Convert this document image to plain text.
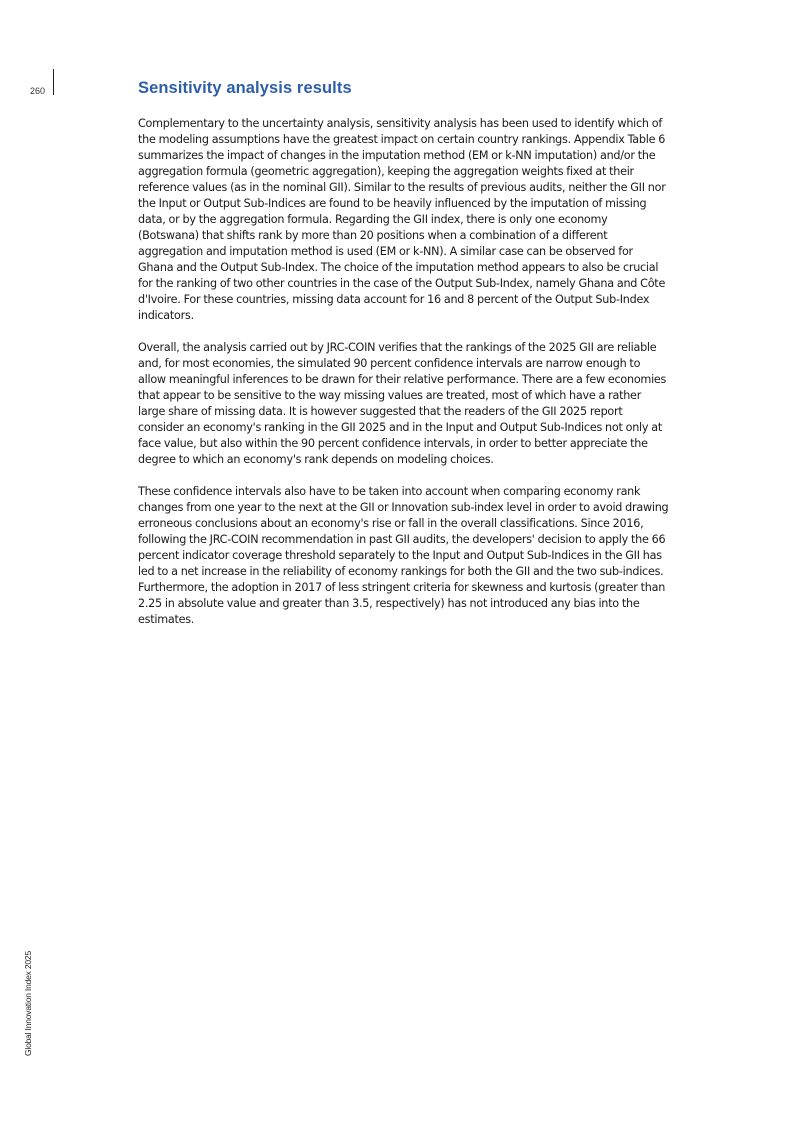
260	Sensitivity analysis results

Complementary to the uncertainty analysis, sensitivity analysis has been used to identify which of the modeling assumptions have the greatest impact on certain country rankings. Appendix Table 6 summarizes the impact of changes in the imputation method (EM or k-NN imputation) and/or the aggregation formula (geometric aggregation), keeping the aggregation weights fixed at their reference values (as in the nominal GII). Similar to the results of previous audits, neither the GII nor the Input or Output Sub-Indices are found to be heavily influenced by the imputation of missing data, or by the aggregation formula. Regarding the GII index, there is only one economy (Botswana) that shifts rank by more than 20 positions when a combination of a different aggregation and imputation method is used (EM or k-NN). A similar case can be observed for Ghana and the Output Sub-Index. The choice of the imputation method appears to also be crucial for the ranking of two other countries in the case of the Output Sub-Index, namely Ghana and Côte d'Ivoire. For these countries, missing data account for 16 and 8 percent of the Output Sub-Index indicators.

Overall, the analysis carried out by JRC-COIN verifies that the rankings of the 2025 GII are reliable and, for most economies, the simulated 90 percent confidence intervals are narrow enough to allow meaningful inferences to be drawn for their relative performance. There are a few economies that appear to be sensitive to the way missing values are treated, most of which have a rather large share of missing data. It is however suggested that the readers of the GII 2025 report consider an economy's ranking in the GII 2025 and in the Input and Output Sub-Indices not only at face value, but also within the 90 percent confidence intervals, in order to better appreciate the degree to which an economy's rank depends on modeling choices.

These confidence intervals also have to be taken into account when comparing economy rank changes from one year to the next at the GII or Innovation sub-index level in order to avoid drawing erroneous conclusions about an economy's rise or fall in the overall classifications. Since 2016, following the JRC-COIN recommendation in past GII audits, the developers' decision to apply the 66 percent indicator coverage threshold separately to the Input and Output Sub-Indices in the GII has led to a net increase in the reliability of economy rankings for both the GII and the two sub-indices. Furthermore, the adoption in 2017 of less stringent criteria for skewness and kurtosis (greater than 2.25 in absolute value and greater than 3.5, respectively) has not introduced any bias into the estimates.

Global Innovation Index 2025
